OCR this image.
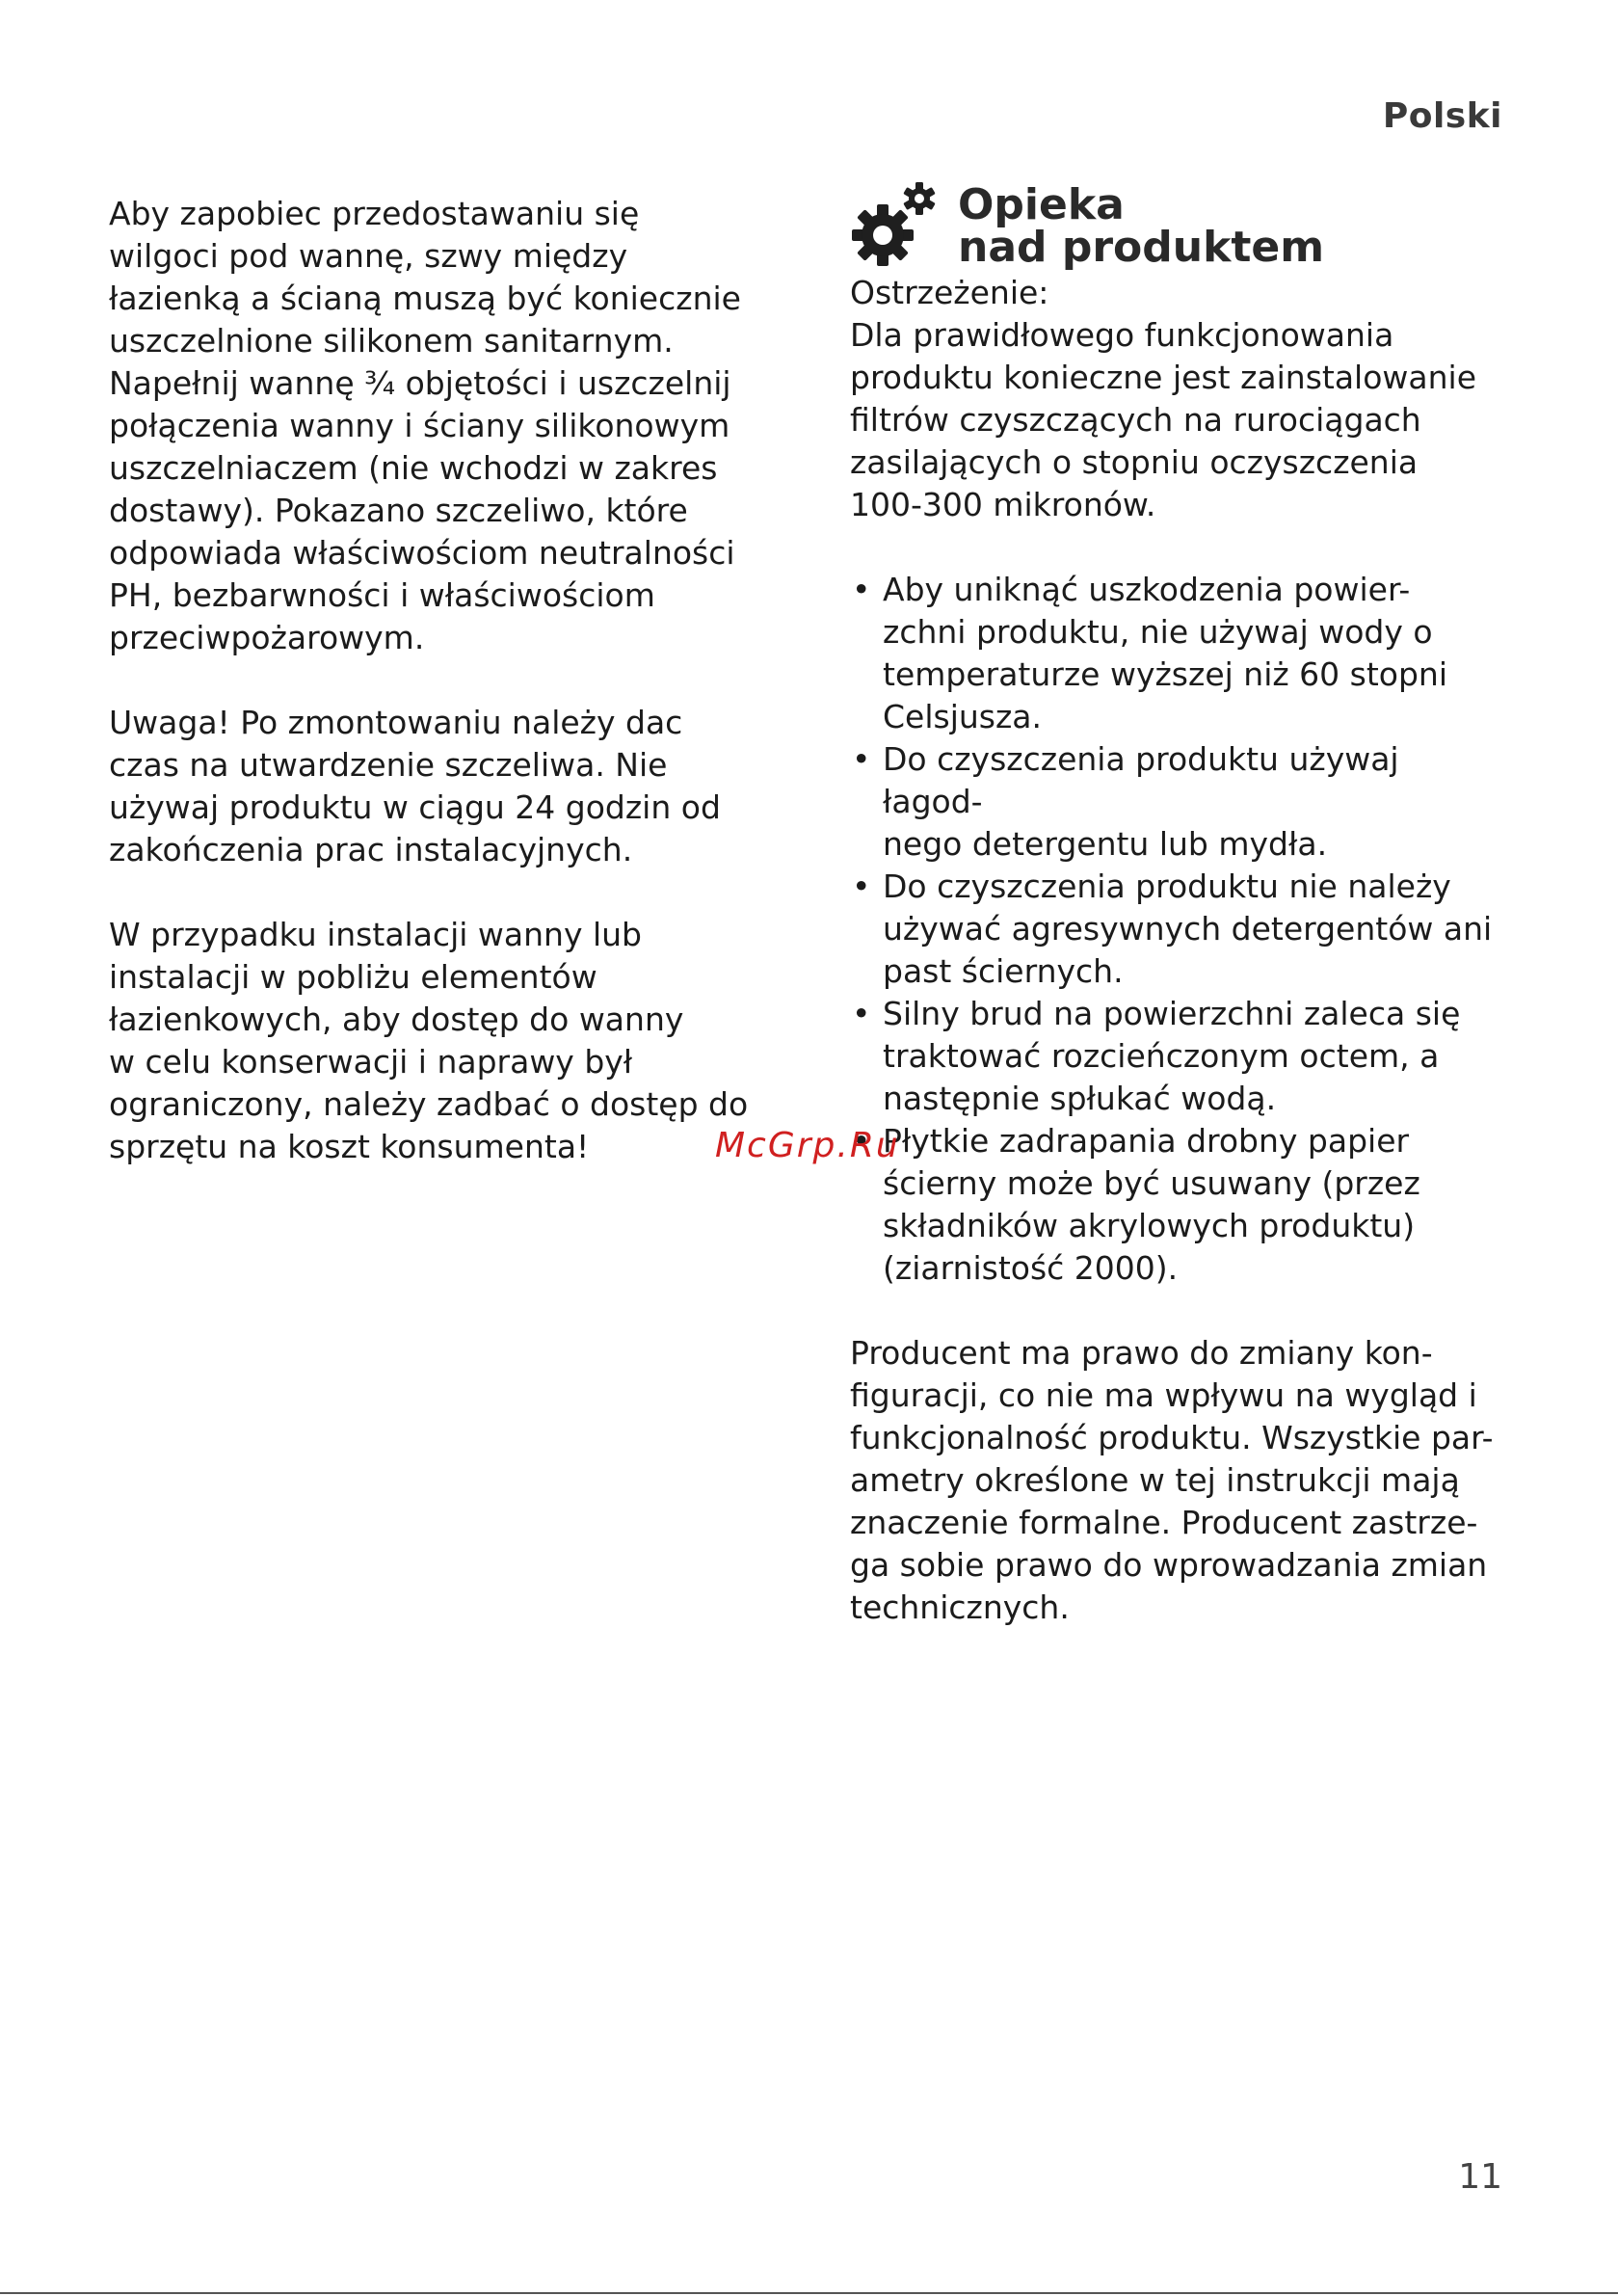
Polski

Aby zapobiec przedostawaniu się
wilgoci pod wannę, szwy między
łazienką a ścianą muszą być koniecznie
uszczelnione silikonem sanitarnym.
Napełnij wannę ¾ objętości i uszczelnij
połączenia wanny i ściany silikonowym
uszczelniaczem (nie wchodzi w zakres
dostawy). Pokazano szczeliwo, które
odpowiada właściwościom neutralności
PH, bezbarwności i właściwościom
przeciwpożarowym.

Uwaga! Po zmontowaniu należy dac
czas na utwardzenie szczeliwa. Nie
używaj produktu w ciągu 24 godzin od
zakończenia prac instalacyjnych.

W przypadku instalacji wanny lub
instalacji w pobliżu elementów
łazienkowych, aby dostęp do wanny
w celu konserwacji i naprawy był
ograniczony, należy zadbać o dostęp do
sprzętu na koszt konsumenta!

Opieka
nad produktem

Ostrzeżenie:

Dla prawidłowego funkcjonowania
produktu konieczne jest zainstalowanie
filtrów czyszczących na rurociągach
zasilających o stopniu oczyszczenia
100-300 mikronów.

• Aby uniknąć uszkodzenia powier-
zchni produktu, nie używaj wody o
temperaturze wyższej niż 60 stopni
Celsjusza.
• Do czyszczenia produktu używaj łagod-
nego detergentu lub mydła.
• Do czyszczenia produktu nie należy
używać agresywnych detergentów ani
past ściernych.
• Silny brud na powierzchni zaleca się
traktować rozcieńczonym octem, a
następnie spłukać wodą.
• Płytkie zadrapania drobny papier
ścierny może być usuwany (przez
składników akrylowych produktu)
(ziarnistość 2000).

Producent ma prawo do zmiany kon-
figuracji, co nie ma wpływu na wygląd i
funkcjonalność produktu. Wszystkie par-
ametry określone w tej instrukcji mają
znaczenie formalne. Producent zastrze-
ga sobie prawo do wprowadzania zmian
technicznych.

McGrp.Ru
11
